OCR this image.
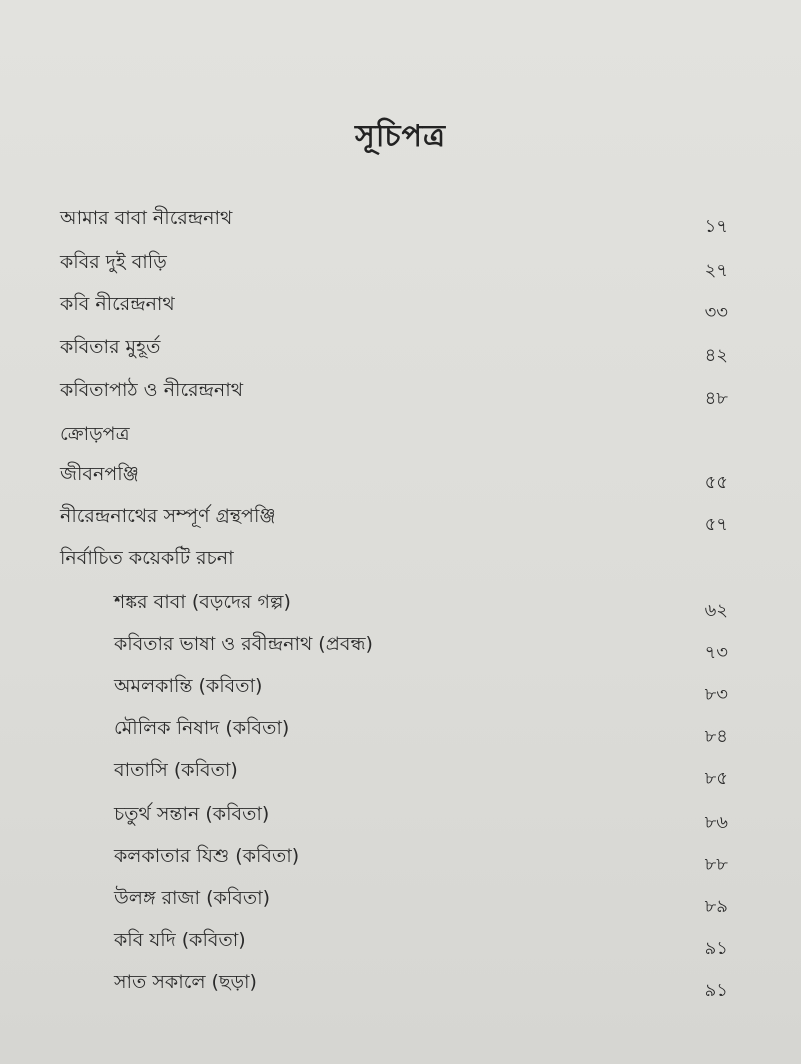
সূচিপত্র
আমার বাবা নীরেন্দ্রনাথ	১৭
কবির দুই বাড়ি	২৭
কবি নীরেন্দ্রনাথ	৩৩
কবিতার মুহূর্ত	৪২
কবিতাপাঠ ও নীরেন্দ্রনাথ	৪৮
ক্রোড়পত্র
জীবনপঞ্জি	৫৫
নীরেন্দ্রনাথের সম্পূর্ণ গ্রন্থপঞ্জি	৫৭
নির্বাচিত কয়েকটি রচনা
শঙ্কর বাবা (বড়দের গল্প)	৬২
কবিতার ভাষা ও রবীন্দ্রনাথ (প্রবন্ধ)	৭৩
অমলকান্তি (কবিতা)	৮৩
মৌলিক নিষাদ (কবিতা)	৮৪
বাতাসি (কবিতা)	৮৫
চতুর্থ সন্তান (কবিতা)	৮৬
কলকাতার যিশু (কবিতা)	৮৮
উলঙ্গ রাজা (কবিতা)	৮৯
কবি যদি (কবিতা)	৯১
সাত সকালে (ছড়া)	৯১
